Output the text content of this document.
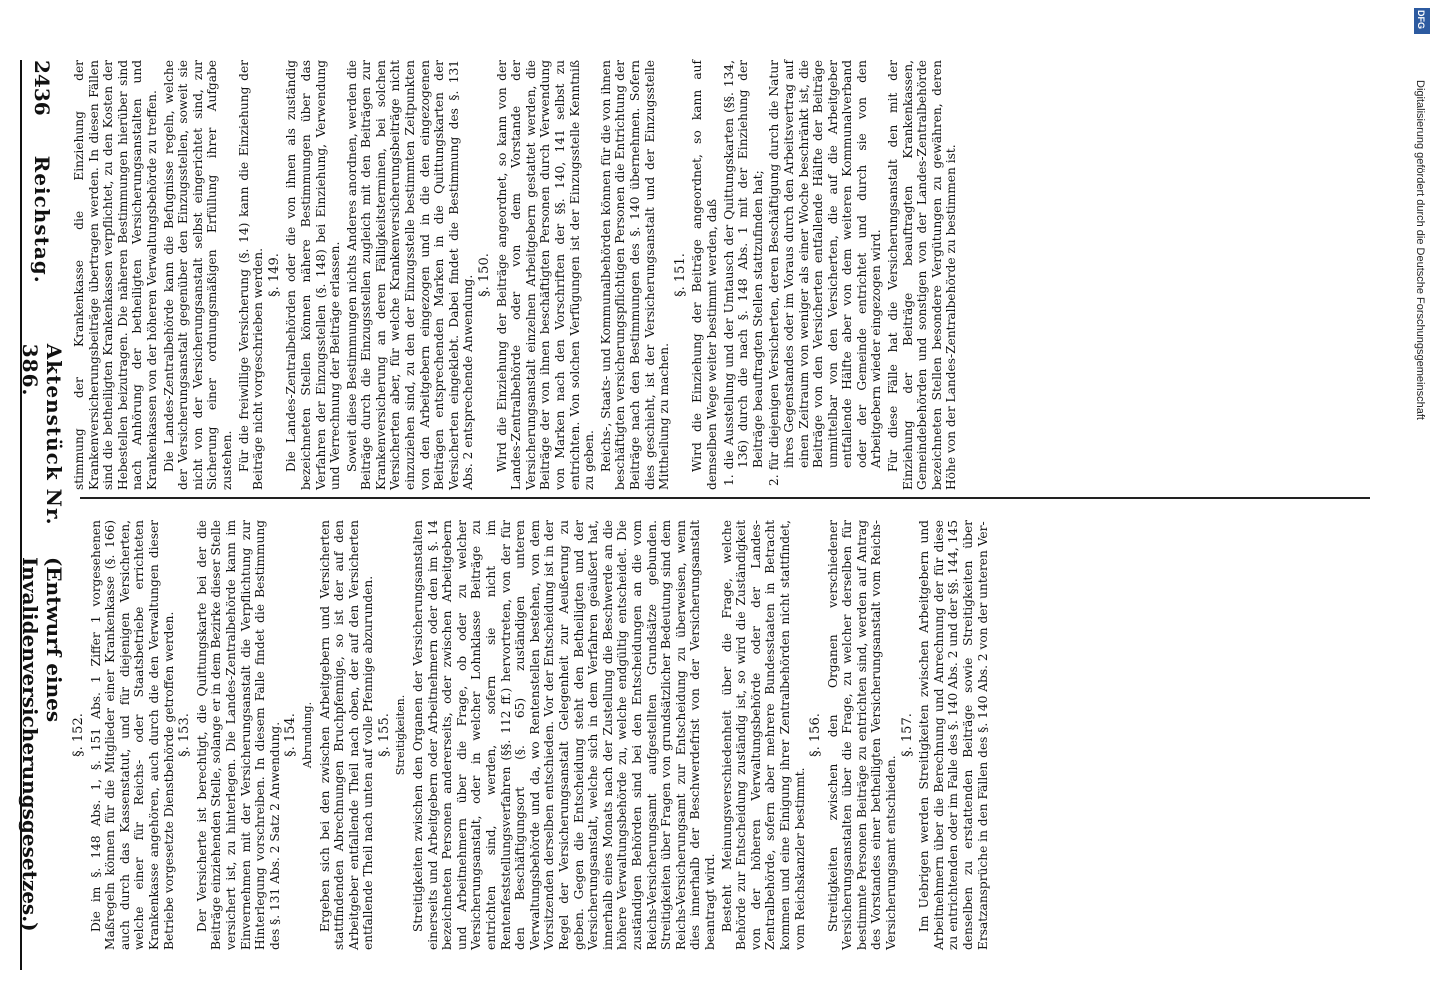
2436
Reichstag.
Aktenstück Nr. 386.
(Entwurf eines Invalidenversicherungsgesetzes.)

stimmung der Krankenkasse die Einziehung der Krankenversicherungsbeiträge übertragen werden. In diesen Fällen sind die betheiligten Krankenkassen verpflichtet, zu den Kosten der Hebestellen beizutragen. Die näheren Bestimmungen hierüber sind nach Anhörung der betheiligten Versicherungsanstalten und Krankenkassen von der höheren Verwaltungsbehörde zu treffen. Die Landes-Zentralbehörde kann die Befugnisse regeln, welche der Versicherungsanstalt gegenüber den Einzugsstellen, soweit sie nicht von der Versicherungsanstalt selbst eingerichtet sind, zur Sicherung einer ordnungsmäßigen Erfüllung ihrer Aufgabe zustehen. Für die freiwillige Versicherung (§. 14) kann die Einziehung der Beiträge nicht vorgeschrieben werden. §. 149. Die Landes-Zentralbehörden oder die von ihnen als zuständig bezeichneten Stellen können nähere Bestimmungen über das Verfahren der Einzugsstellen (§. 148) bei Einziehung, Verwendung und Verrechnung der Beiträge erlassen. Soweit diese Bestimmungen nichts Anderes anordnen, werden die Beiträge durch die Einzugsstellen zugleich mit den Beiträgen zur Krankenversicherung an deren Fälligkeitsterminen, bei solchen Versicherten aber, für welche Krankenversicherungsbeiträge nicht einzuziehen sind, zu den der Einzugsstelle bestimmten Zeitpunkten von den Arbeitgebern eingezogen und in die den eingezogenen Beiträgen entsprechenden Marken in die Quittungskarten der Versicherten eingeklebt. Dabei findet die Bestimmung des §. 131 Abs. 2 entsprechende Anwendung. §. 150. Wird die Einziehung der Beiträge angeordnet, so kann von der Landes-Zentralbehörde oder von dem Vorstande der Versicherungsanstalt einzelnen Arbeitgebern gestattet werden, die Beiträge der von ihnen beschäftigten Personen durch Verwendung von Marken nach den Vorschriften der §§. 140, 141 selbst zu entrichten. Von solchen Verfügungen ist der Einzugsstelle Kenntniß zu geben. Reichs-, Staats- und Kommunalbehörden können für die von ihnen beschäftigten versicherungspflichtigen Personen die Entrichtung der Beiträge nach den Bestimmungen des §. 140 übernehmen. Sofern dies geschieht, ist der Versicherungsanstalt und der Einzugsstelle Mittheilung zu machen.

§. 151. Wird die Einziehung der Beiträge angeordnet, so kann auf demselben Wege weiter bestimmt werden, daß 1. die Ausstellung und der Umtausch der Quittungskarten (§§. 134, 136) durch die nach §. 148 Abs. 1 mit der Einziehung der Beiträge beauftragten Stellen stattzufinden hat; 2. für diejenigen Versicherten, deren Beschäftigung durch die Natur ihres Gegenstandes oder im Voraus durch den Arbeitsvertrag auf einen Zeitraum von weniger als einer Woche beschränkt ist, die Beiträge von den Versicherten entfallende Hälfte der Beiträge unmittelbar von den Versicherten, die auf die Arbeitgeber entfallende Hälfte aber von dem weiteren Kommunalverband oder der Gemeinde entrichtet und durch sie von den Arbeitgebern wieder eingezogen wird. Für diese Fälle hat die Versicherungsanstalt den mit der Einziehung der Beiträge beauftragten Krankenkassen, Gemeindebehörden und sonstigen von der Landes-Zentralbehörde bezeichneten Stellen besondere Vergütungen zu gewähren, deren Höhe von der Landes-Zentralbehörde zu bestimmen ist.

§. 152. Die im §. 148 Abs. 1, §. 151 Abs. 1 Ziffer 1 vorgesehenen Maßregeln können für die Mitglieder einer Krankenkasse (§. 166) auch durch das Kassenstatut, und für diejenigen Versicherten, welche einer für Reichs- oder Staatsbetriebe errichteten Krankenkasse angehören, auch durch die den Verwaltungen dieser Betriebe vorgesetzte Dienstbehörde getroffen werden. §. 153. Der Versicherte ist berechtigt, die Quittungskarte bei der die Beiträge einziehenden Stelle, solange er in dem Bezirke dieser Stelle versichert ist, zu hinterlegen. Die Landes-Zentralbehörde kann im Einvernehmen mit der Versicherungsanstalt die Verpflichtung zur Hinterlegung vorschreiben. In diesem Falle findet die Bestimmung des §. 131 Abs. 2 Satz 2 Anwendung. §. 154. Abrundung. Ergeben sich bei den zwischen Arbeitgebern und Versicherten stattfindenden Abrechnungen Bruchpfennige, so ist der auf den Arbeitgeber entfallende Theil nach oben, der auf den Versicherten entfallende Theil nach unten auf volle Pfennige abzurunden. §. 155. Streitigkeiten. Streitigkeiten zwischen den Organen der Versicherungsanstalten einerseits und Arbeitgebern oder Arbeitnehmern oder den im §. 14 bezeichneten Personen andererseits, oder zwischen Arbeitgebern und Arbeitnehmern über die Frage, ob oder zu welcher Versicherungsanstalt, oder in welcher Lohnklasse Beiträge zu entrichten sind, werden, sofern sie nicht im Rentenfeststellungsverfahren (§§. 112 ff.) hervortreten, von der für den Beschäftigungsort (§. 65) zuständigen unteren Verwaltungsbehörde und da, wo Rentenstellen bestehen, von dem Vorsitzenden derselben entschieden. Vor der Entscheidung ist in der Regel der Versicherungsanstalt Gelegenheit zur Aeußerung zu geben. Gegen die Entscheidung steht den Betheiligten und der Versicherungsanstalt, welche sich in dem Verfahren geäußert hat, innerhalb eines Monats nach der Zustellung die Beschwerde an die höhere Verwaltungsbehörde zu, welche endgültig entscheidet. Die zuständigen Behörden sind bei den Entscheidungen an die vom Reichs-Versicherungsamt aufgestellten Grundsätze gebunden. Streitigkeiten über Fragen von grundsätzlicher Bedeutung sind dem Reichs-Versicherungsamt zur Entscheidung zu überweisen, wenn dies innerhalb der Beschwerdefrist von der Versicherungsanstalt beantragt wird. Besteht Meinungsverschiedenheit über die Frage, welche Behörde zur Entscheidung zuständig ist, so wird die Zuständigkeit von der höheren Verwaltungsbehörde oder der Landes-Zentralbehörde, sofern aber mehrere Bundesstaaten in Betracht kommen und eine Einigung ihrer Zentralbehörden nicht stattfindet, vom Reichskanzler bestimmt.

§. 156. Streitigkeiten zwischen den Organen verschiedener Versicherungsanstalten über die Frage, zu welcher derselben für bestimmte Personen Beiträge zu entrichten sind, werden auf Antrag des Vorstandes einer betheiligten Versicherungsanstalt vom Reichs-Versicherungsamt entschieden.

§. 157. Im Uebrigen werden Streitigkeiten zwischen Arbeitgebern und Arbeitnehmern über die Berechnung und Anrechnung der für diese zu entrichtenden oder im Falle des §. 140 Abs. 2 und der §§. 144, 145 denselben zu erstattenden Beiträge sowie Streitigkeiten über Ersatzansprüche in den Fällen des §. 140 Abs. 2 von der unteren Ver-

DFG
Digitalisierung gefördert durch die Deutsche Forschungsgemeinschaft
